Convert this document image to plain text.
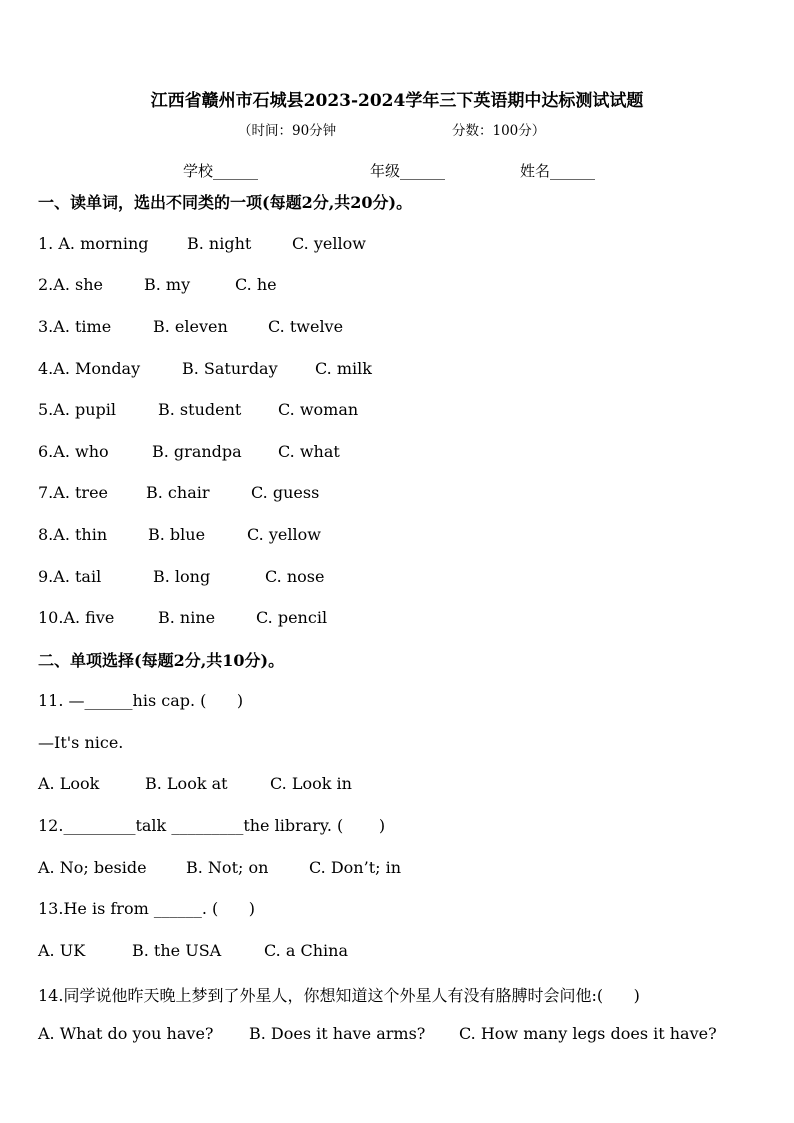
江西省赣州市石城县2023-2024学年三下英语期中达标测试试题
（时间：90分钟	分数：100分）
学校______	年级______	姓名______
一、读单词，选出不同类的一项(每题2分,共20分)。
1. A. morning B. night	C. yellow
2.A. she	B. my	C. he
3.A. time	B. eleven	C. twelve
4.A. Monday	B. Saturday C. milk
5.A. pupil	B. student C. woman
6.A. who	B. grandpa C. what
7.A. tree B. chair	C. guess
8.A. thin	B. blue	C. yellow
9.A. tail	B. long	C. nose
10.A. five	B. nine	C. pencil
二、单项选择(每题2分,共10分)。
11. —______his cap. (      )
—It's nice.
A. Look	B. Look at	C. Look in
12._________talk _________the library. (       )
A. No; beside B. Not; on	C. Don’t; in
13.He is from ______. (      )
A. UK	B. the USA	C. a China
14.同学说他昨天晚上梦到了外星人，你想知道这个外星人有没有胳膊时会问他:(      )
A. What do you have? B. Does it have arms? C. How many legs does it have?
